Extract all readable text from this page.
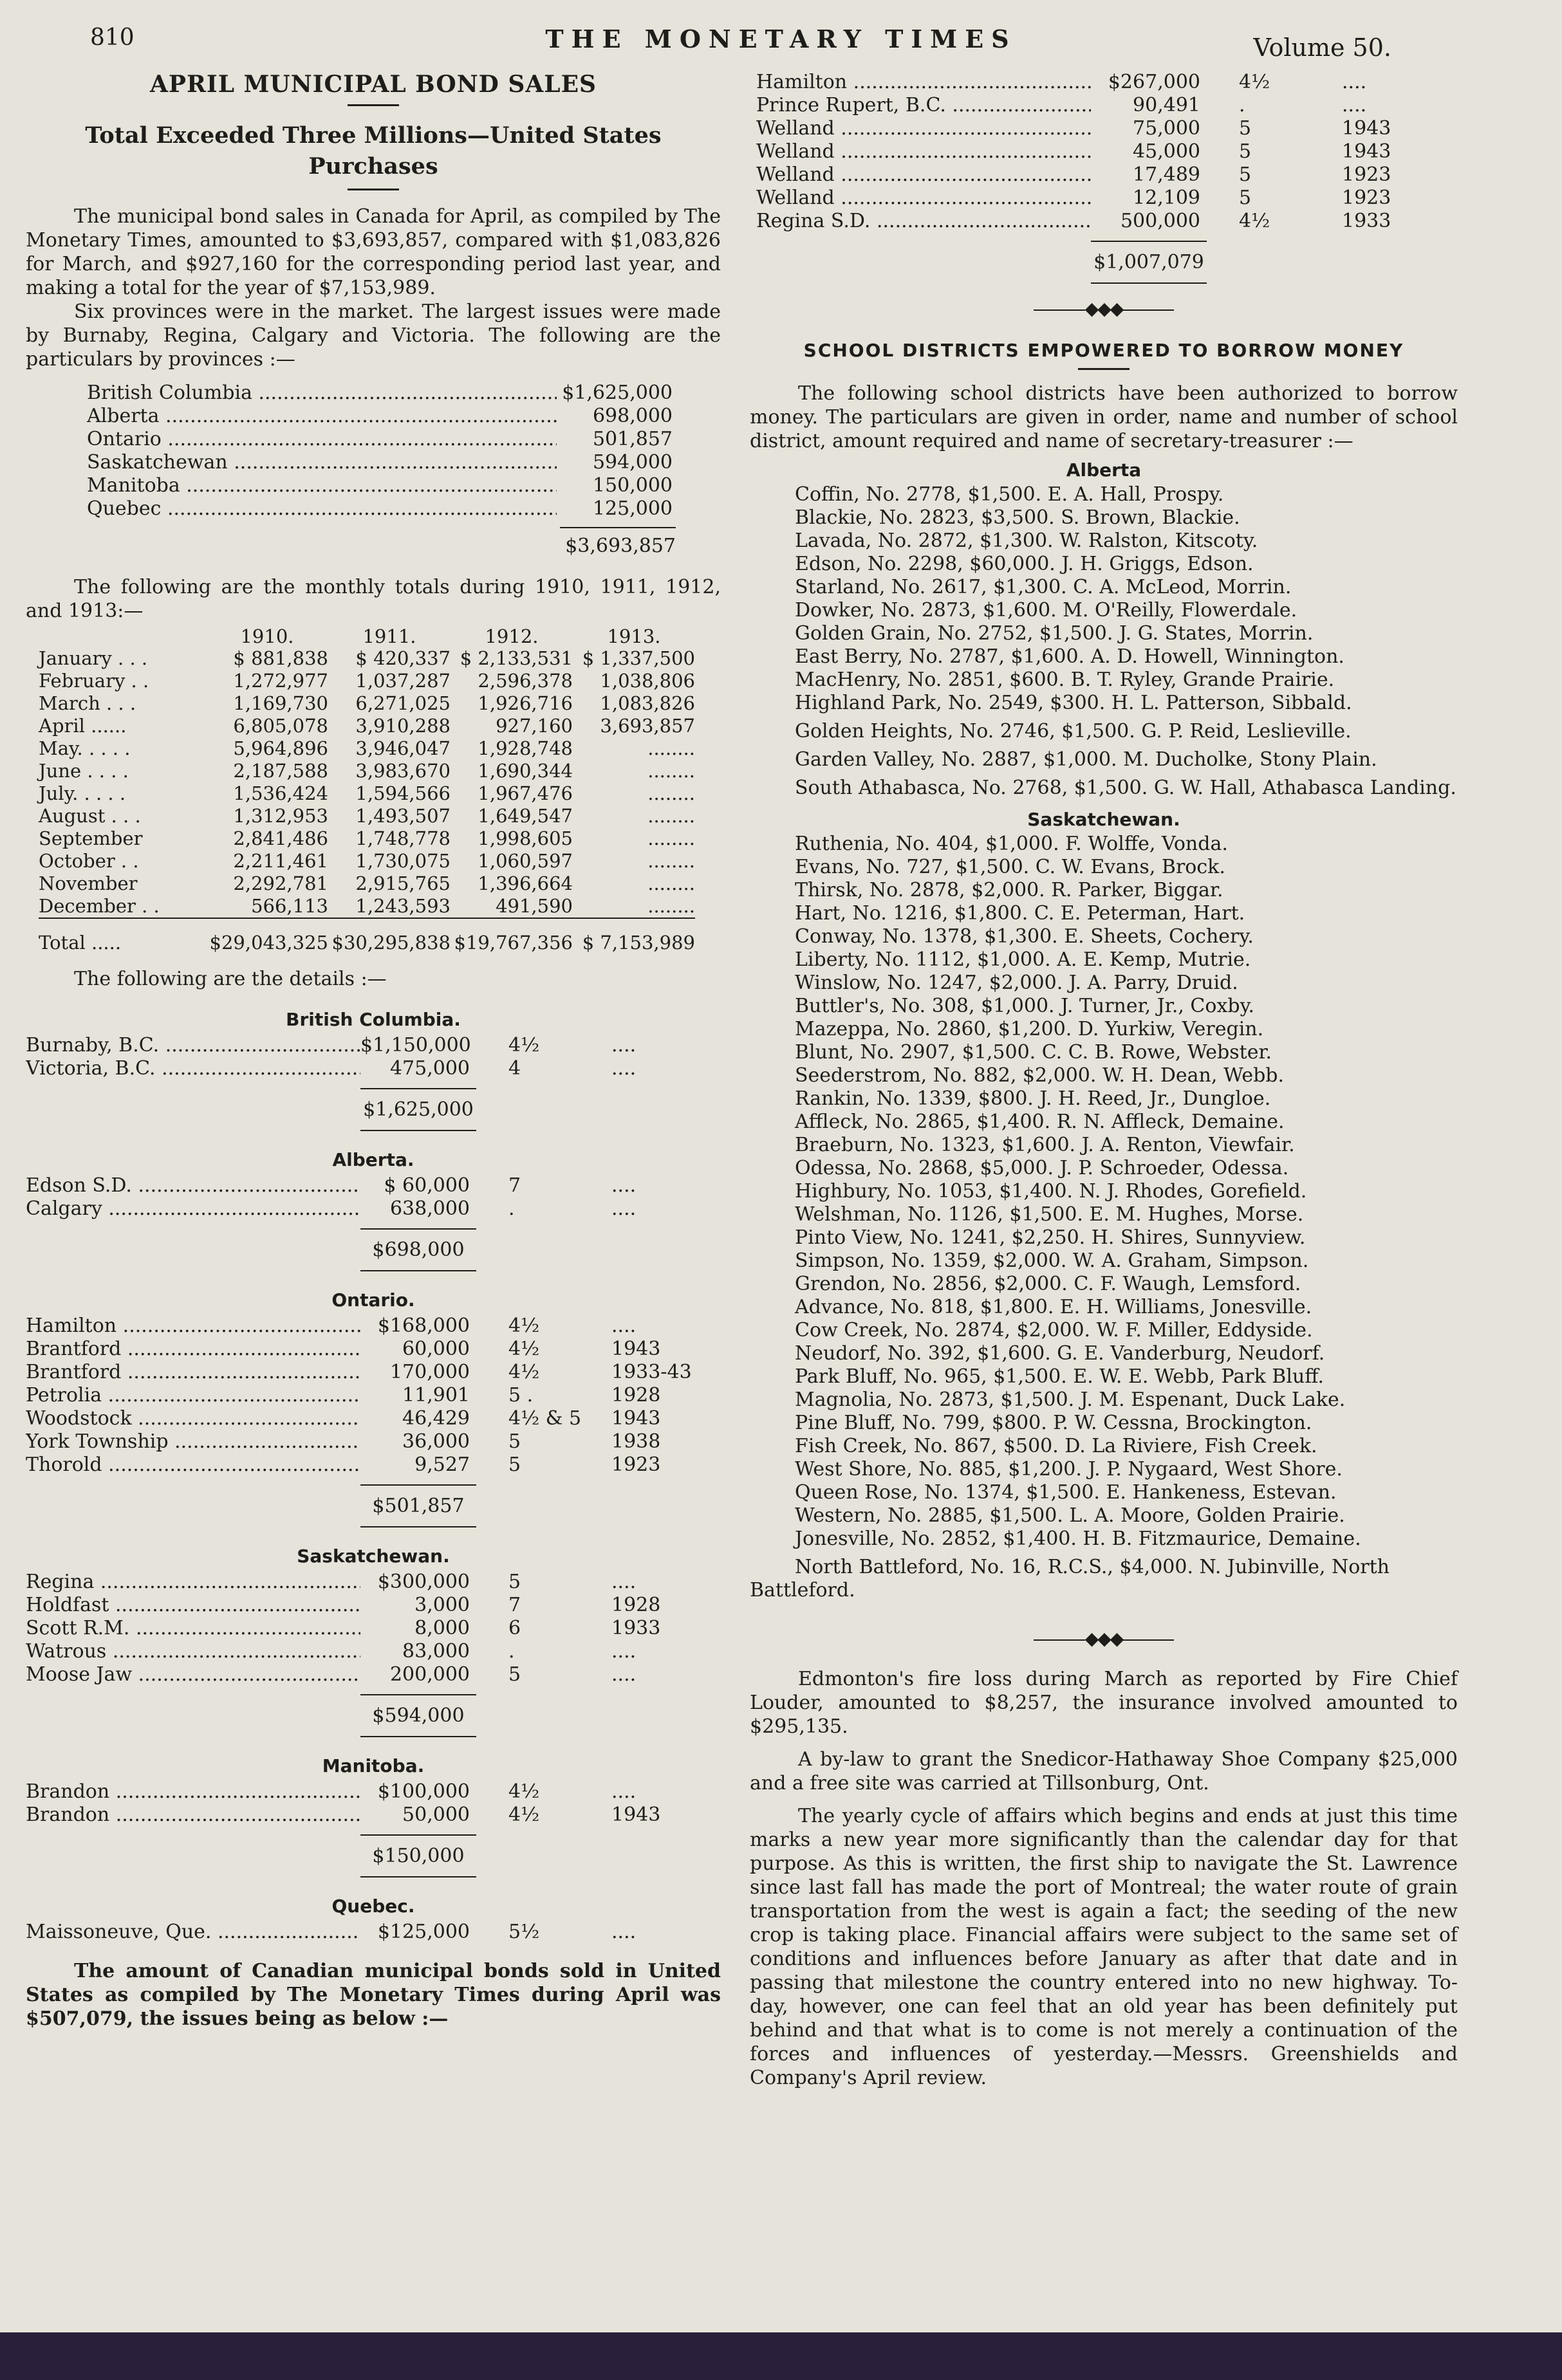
810	THE MONETARY TIMES	Volume 50.
APRIL MUNICIPAL BOND SALES
Total Exceeded Three Millions—United States Purchases

The municipal bond sales in Canada for April, as compiled by The Monetary Times, amounted to $3,693,857, compared with $1,083,826 for March, and $927,160 for the corresponding period last year, and making a total for the year of $7,153,989.

Six provinces were in the market. The largest issues were made by Burnaby, Regina, Calgary and Victoria. The following are the particulars by provinces :—

British Columbia .....	$1,625,000
Alberta .....	698,000
Ontario .....	501,857
Saskatchewan .....	594,000
Manitoba .....	150,000
Quebec .....	125,000
$3,693,857

The following are the monthly totals during 1910, 1911, 1912, and 1913:—

	1910.	1911.	1912.	1913.
January . . .	$ 881,838	$ 420,337	$ 2,133,531	$ 1,337,500
February . .	1,272,977	1,037,287	2,596,378	1,038,806
March . . .	1,169,730	6,271,025	1,926,716	1,083,826
April ......	6,805,078	3,910,288	927,160	3,693,857
May. . . . .	5,964,896	3,946,047	1,928,748	........
June . . . .	2,187,588	3,983,670	1,690,344	........
July. . . . .	1,536,424	1,594,566	1,967,476	........
August . . .	1,312,953	1,493,507	1,649,547	........
September	2,841,486	1,748,778	1,998,605	........
October . .	2,211,461	1,730,075	1,060,597	........
November	2,292,781	2,915,765	1,396,664	........
December . .	566,113	1,243,593	491,590	........
Total .....	$29,043,325	$30,295,838	$19,767,356	$ 7,153,989

The following are the details :—

British Columbia.
Burnaby, B.C. .....	$1,150,000	4½	....
Victoria, B.C. .....	475,000	4	....
$1,625,000
Alberta.
Edson S.D. .....	$ 60,000	7	....
Calgary .....	638,000	.	....
$698,000
Ontario.
Hamilton .....	$168,000	4½	....
Brantford .....	60,000	4½	1943
Brantford .....	170,000	4½	1933-43
Petrolia .....	11,901	5 .	1928
Woodstock .....	46,429	4½ & 5	1943
York Township .....	36,000	5	1938
Thorold .....	9,527	5	1923
$501,857
Saskatchewan.
Regina .....	$300,000	5	....
Holdfast .....	3,000	7	1928
Scott R.M. .....	8,000	6	1933
Watrous .....	83,000	.	....
Moose Jaw .....	200,000	5	....
$594,000
Manitoba.
Brandon .....	$100,000	4½	....
Brandon .....	50,000	4½	1943
$150,000
Quebec.
Maissoneuve, Que. .....	$125,000	5½	....

The amount of Canadian municipal bonds sold in United States as compiled by The Monetary Times during April was $507,079, the issues being as below :—

Hamilton .....	$267,000	4½	....
Prince Rupert, B.C. .....	90,491	.	....
Welland .....	75,000	5	1943
Welland .....	45,000	5	1943
Welland .....	17,489	5	1923
Welland .....	12,109	5	1923
Regina S.D. .....	500,000	4½	1933
$1,007,079
◆◆◆
SCHOOL DISTRICTS EMPOWERED TO BORROW MONEY

The following school districts have been authorized to borrow money. The particulars are given in order, name and number of school district, amount required and name of secretary-treasurer :—

Alberta
Coffin, No. 2778, $1,500. E. A. Hall, Prospy.
Blackie, No. 2823, $3,500. S. Brown, Blackie.
Lavada, No. 2872, $1,300. W. Ralston, Kitscoty.
Edson, No. 2298, $60,000. J. H. Griggs, Edson.
Starland, No. 2617, $1,300. C. A. McLeod, Morrin.
Dowker, No. 2873, $1,600. M. O'Reilly, Flowerdale.
Golden Grain, No. 2752, $1,500. J. G. States, Morrin.
East Berry, No. 2787, $1,600. A. D. Howell, Winnington.
MacHenry, No. 2851, $600. B. T. Ryley, Grande Prairie.
Highland Park, No. 2549, $300. H. L. Patterson, Sibbald.
Golden Heights, No. 2746, $1,500. G. P. Reid, Leslieville.
Garden Valley, No. 2887, $1,000. M. Ducholke, Stony Plain.
South Athabasca, No. 2768, $1,500. G. W. Hall, Athabasca Landing.
Saskatchewan.
Ruthenia, No. 404, $1,000. F. Wolffe, Vonda.
Evans, No. 727, $1,500. C. W. Evans, Brock.
Thirsk, No. 2878, $2,000. R. Parker, Biggar.
Hart, No. 1216, $1,800. C. E. Peterman, Hart.
Conway, No. 1378, $1,300. E. Sheets, Cochery.
Liberty, No. 1112, $1,000. A. E. Kemp, Mutrie.
Winslow, No. 1247, $2,000. J. A. Parry, Druid.
Buttler's, No. 308, $1,000. J. Turner, Jr., Coxby.
Mazeppa, No. 2860, $1,200. D. Yurkiw, Veregin.
Blunt, No. 2907, $1,500. C. C. B. Rowe, Webster.
Seederstrom, No. 882, $2,000. W. H. Dean, Webb.
Rankin, No. 1339, $800. J. H. Reed, Jr., Dungloe.
Affleck, No. 2865, $1,400. R. N. Affleck, Demaine.
Braeburn, No. 1323, $1,600. J. A. Renton, Viewfair.
Odessa, No. 2868, $5,000. J. P. Schroeder, Odessa.
Highbury, No. 1053, $1,400. N. J. Rhodes, Gorefield.
Welshman, No. 1126, $1,500. E. M. Hughes, Morse.
Pinto View, No. 1241, $2,250. H. Shires, Sunnyview.
Simpson, No. 1359, $2,000. W. A. Graham, Simpson.
Grendon, No. 2856, $2,000. C. F. Waugh, Lemsford.
Advance, No. 818, $1,800. E. H. Williams, Jonesville.
Cow Creek, No. 2874, $2,000. W. F. Miller, Eddyside.
Neudorf, No. 392, $1,600. G. E. Vanderburg, Neudorf.
Park Bluff, No. 965, $1,500. E. W. E. Webb, Park Bluff.
Magnolia, No. 2873, $1,500. J. M. Espenant, Duck Lake.
Pine Bluff, No. 799, $800. P. W. Cessna, Brockington.
Fish Creek, No. 867, $500. D. La Riviere, Fish Creek.
West Shore, No. 885, $1,200. J. P. Nygaard, West Shore.
Queen Rose, No. 1374, $1,500. E. Hankeness, Estevan.
Western, No. 2885, $1,500. L. A. Moore, Golden Prairie.
Jonesville, No. 2852, $1,400. H. B. Fitzmaurice, Demaine.
North Battleford, No. 16, R.C.S., $4,000. N. Jubinville, North Battleford.
◆◆◆

Edmonton's fire loss during March as reported by Fire Chief Louder, amounted to $8,257, the insurance involved amounted to $295,135.

A by-law to grant the Snedicor-Hathaway Shoe Company $25,000 and a free site was carried at Tillsonburg, Ont.

The yearly cycle of affairs which begins and ends at just this time marks a new year more significantly than the calendar day for that purpose. As this is written, the first ship to navigate the St. Lawrence since last fall has made the port of Montreal; the water route of grain transportation from the west is again a fact; the seeding of the new crop is taking place. Financial affairs were subject to the same set of conditions and influences before January as after that date and in passing that milestone the country entered into no new highway. To-day, however, one can feel that an old year has been definitely put behind and that what is to come is not merely a continuation of the forces and influences of yesterday.—Messrs. Greenshields and Company's April review.
